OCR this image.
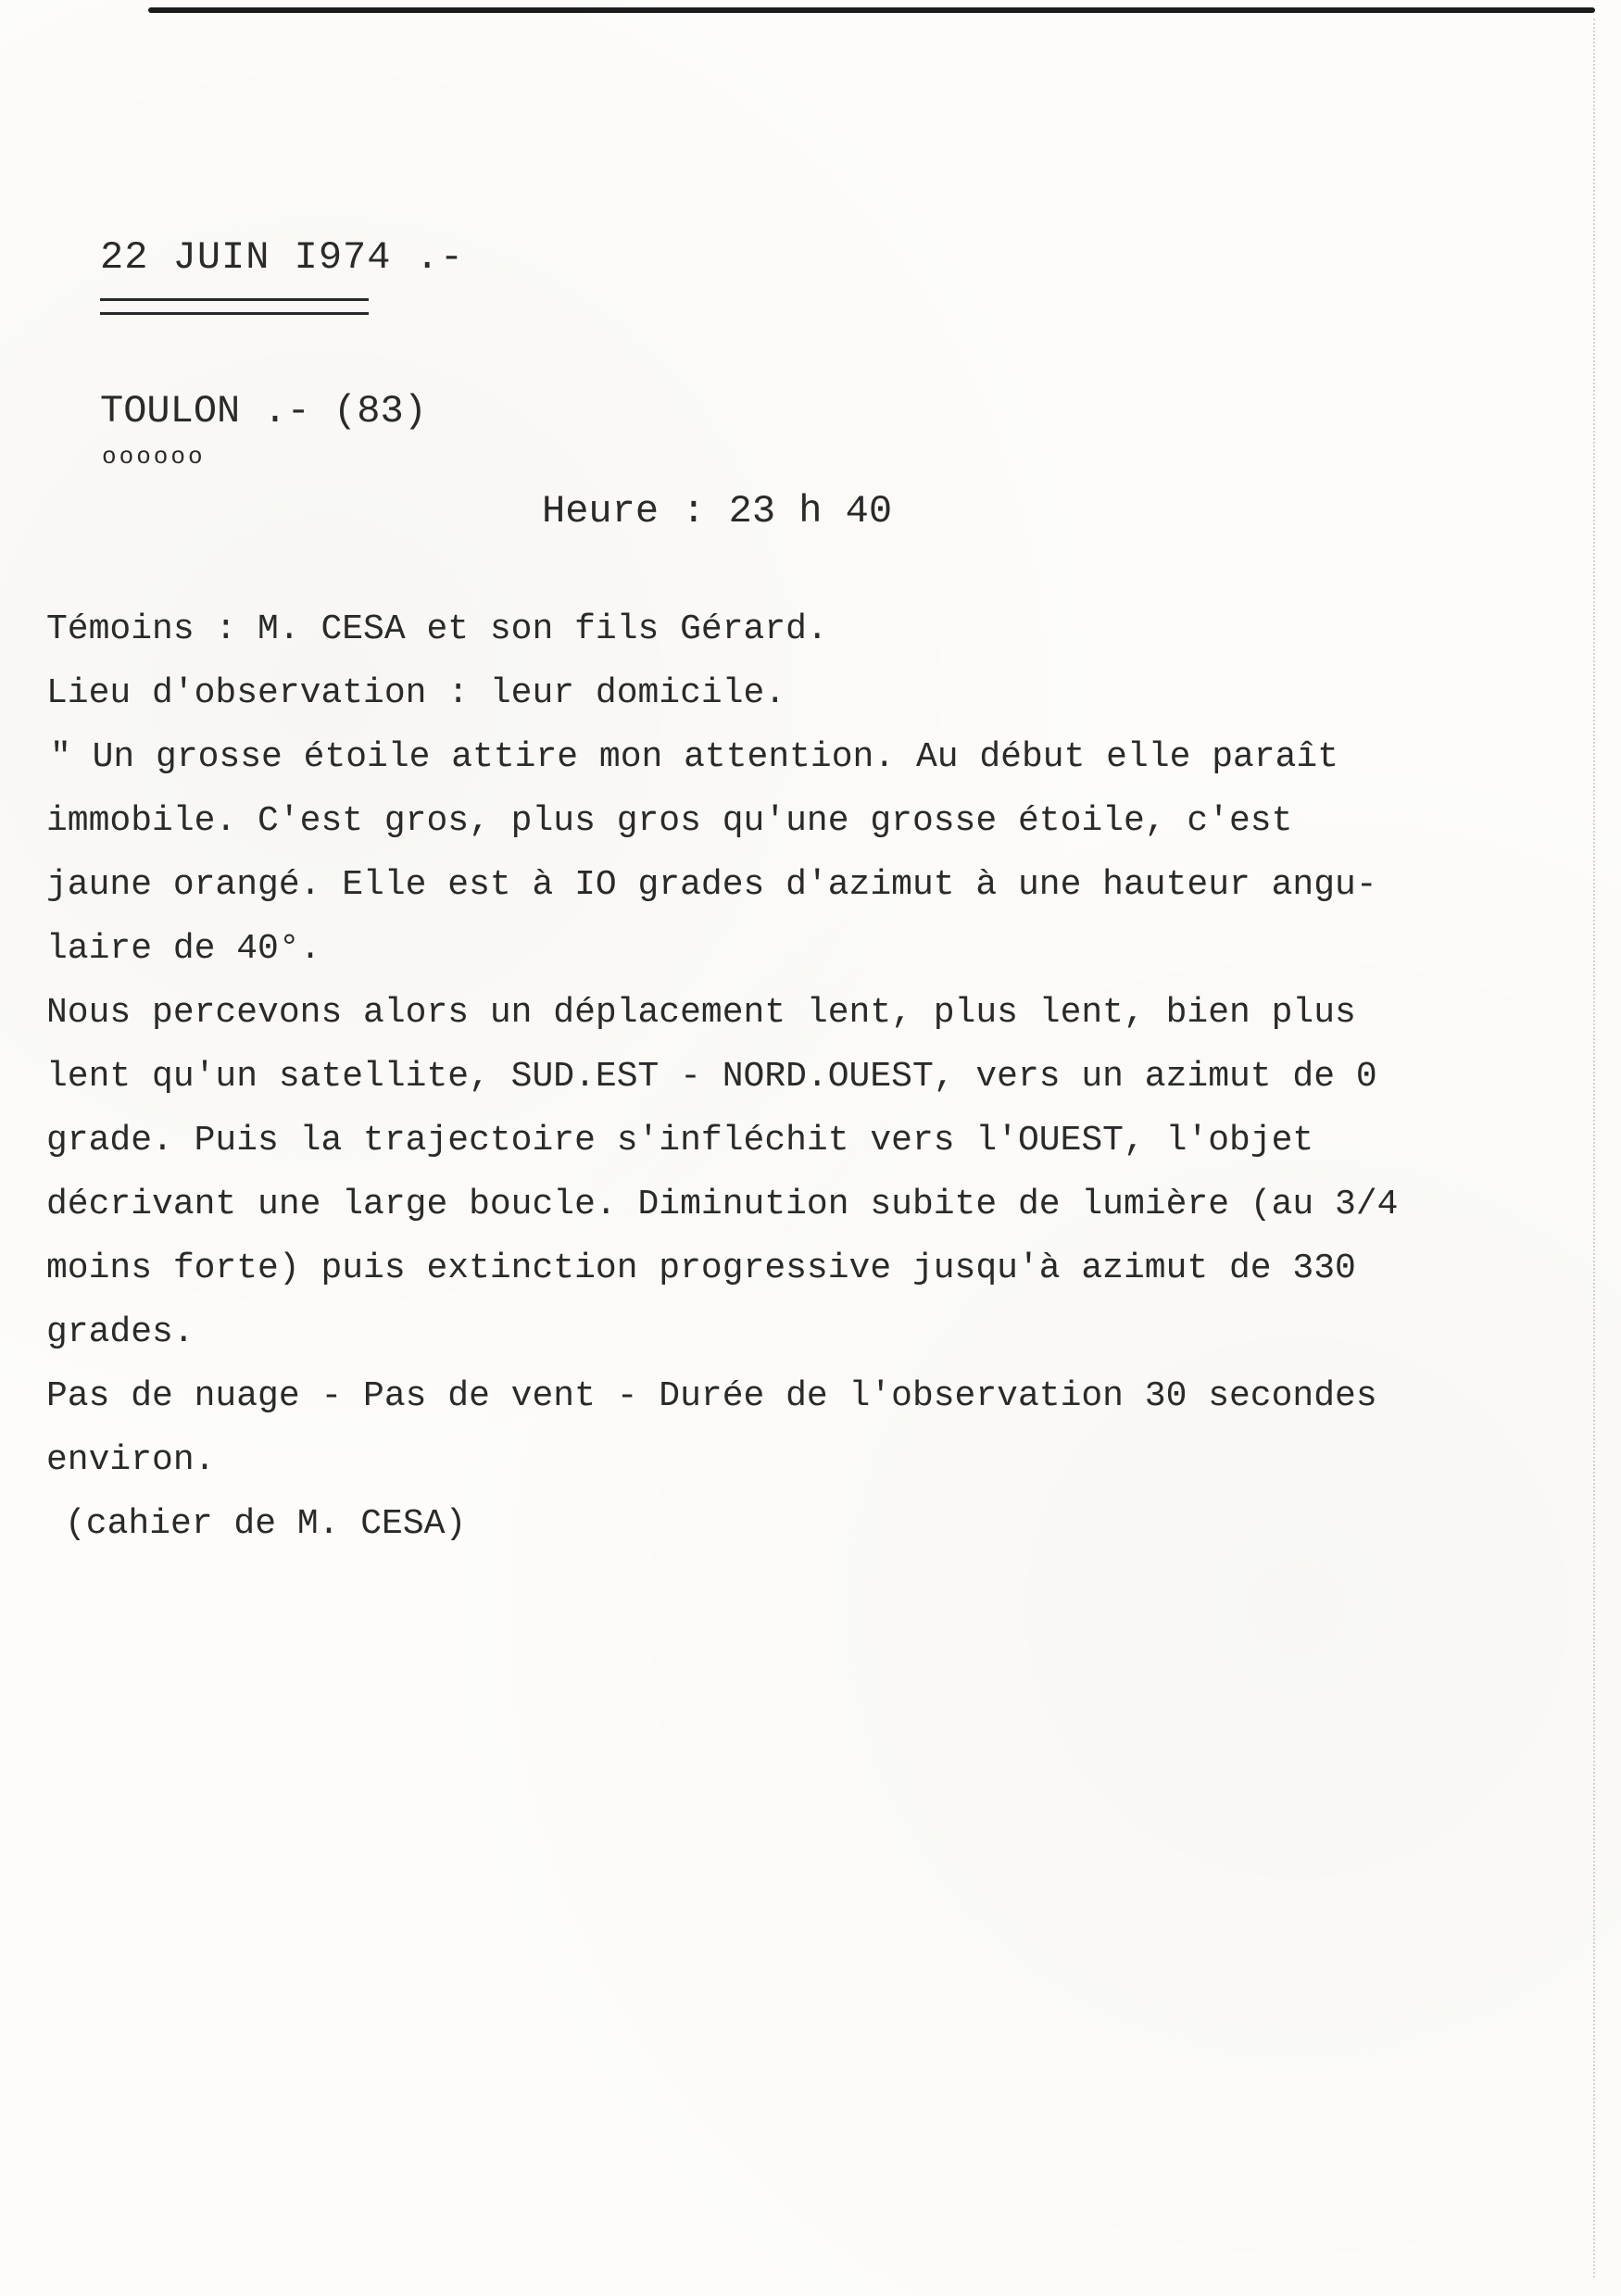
22 JUIN I974 .-
TOULON .- (83)
oooooo
Heure : 23 h 40
Témoins : M. CESA et son fils Gérard.
Lieu d'observation : leur domicile.
" Un grosse étoile attire mon attention. Au début elle paraît
immobile. C'est gros, plus gros qu'une grosse étoile, c'est
jaune orangé. Elle est à IO grades d'azimut à une hauteur angu-
laire de 40°.
Nous percevons alors un déplacement lent, plus lent, bien plus
lent qu'un satellite, SUD.EST - NORD.OUEST, vers un azimut de 0
grade. Puis la trajectoire s'infléchit vers l'OUEST, l'objet
décrivant une large boucle. Diminution subite de lumière (au 3/4
moins forte) puis extinction progressive jusqu'à azimut de 330
grades.
Pas de nuage - Pas de vent - Durée de l'observation 30 secondes
environ.
(cahier de M. CESA)
